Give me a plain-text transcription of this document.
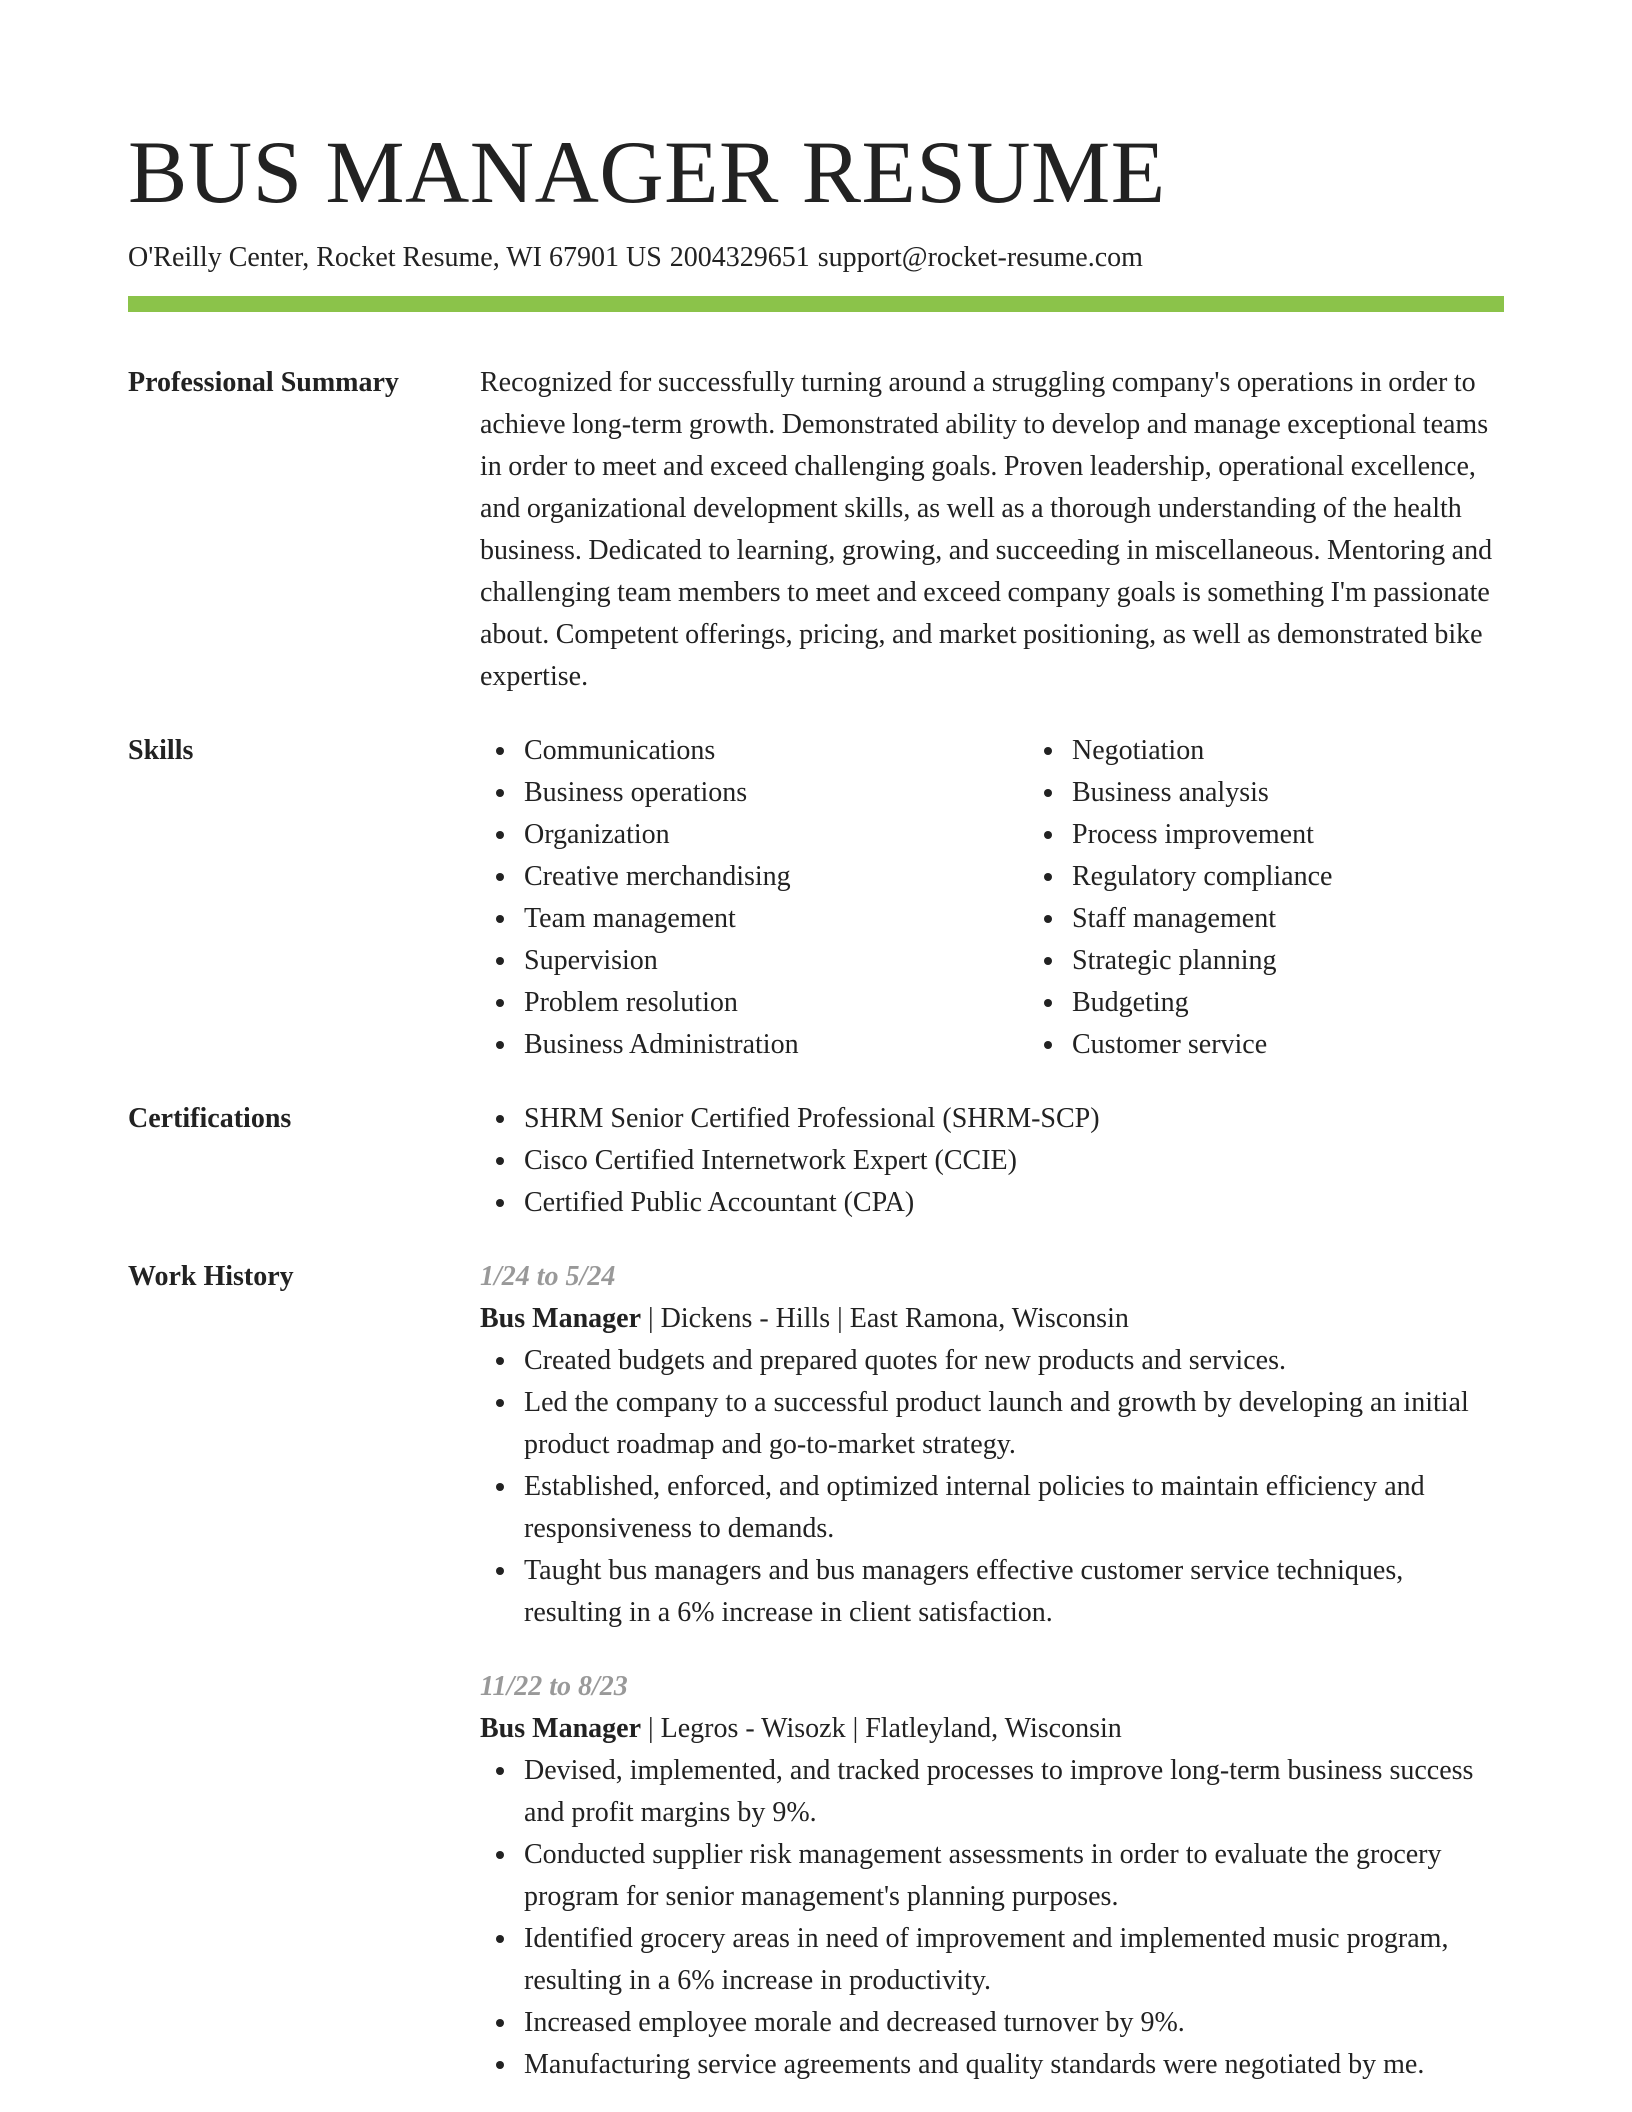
BUS MANAGER RESUME
O'Reilly Center, Rocket Resume, WI 67901 US 2004329651 support@rocket-resume.com
Professional Summary	Recognized for successfully turning around a struggling company's operations in order to achieve long-term growth. Demonstrated ability to develop and manage exceptional teams in order to meet and exceed challenging goals. Proven leadership, operational excellence, and organizational development skills, as well as a thorough understanding of the health business. Dedicated to learning, growing, and succeeding in miscellaneous. Mentoring and challenging team members to meet and exceed company goals is something I'm passionate about. Competent offerings, pricing, and market positioning, as well as demonstrated bike expertise.

Skills	Communications
Business operations
Organization
Creative merchandising
Team management
Supervision
Problem resolution
Business Administration
Negotiation
Business analysis
Process improvement
Regulatory compliance
Staff management
Strategic planning
Budgeting
Customer service
Certifications	SHRM Senior Certified Professional (SHRM-SCP)
Cisco Certified Internetwork Expert (CCIE)
Certified Public Accountant (CPA)
Work History	1/24 to 5/24
Bus Manager | Dickens - Hills | East Ramona, Wisconsin
Created budgets and prepared quotes for new products and services.
Led the company to a successful product launch and growth by developing an initial product roadmap and go-to-market strategy.
Established, enforced, and optimized internal policies to maintain efficiency and responsiveness to demands.
Taught bus managers and bus managers effective customer service techniques, resulting in a 6% increase in client satisfaction.
11/22 to 8/23
Bus Manager | Legros - Wisozk | Flatleyland, Wisconsin
Devised, implemented, and tracked processes to improve long-term business success and profit margins by 9%.
Conducted supplier risk management assessments in order to evaluate the grocery program for senior management's planning purposes.
Identified grocery areas in need of improvement and implemented music program, resulting in a 6% increase in productivity.
Increased employee morale and decreased turnover by 9%.
Manufacturing service agreements and quality standards were negotiated by me.
